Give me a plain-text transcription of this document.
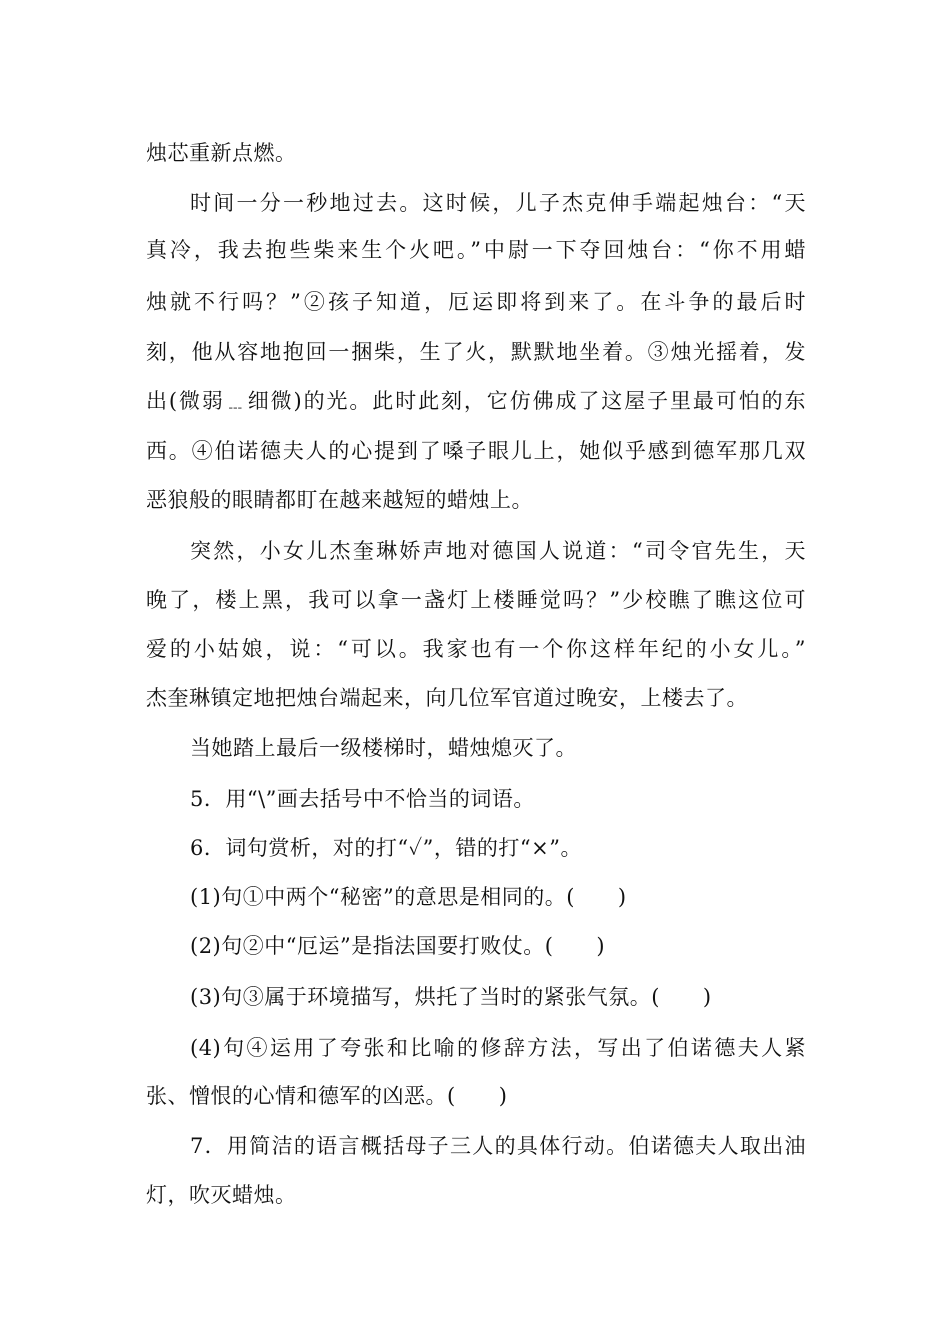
烛芯重新点燃。
时间一分一秒地过去。这时候，儿子杰克伸手端起烛台：“天
真冷，我去抱些柴来生个火吧。”中尉一下夺回烛台：“你不用蜡
烛就不行吗？”②孩子知道，厄运即将到来了。在斗争的最后时
刻，他从容地抱回一捆柴，生了火，默默地坐着。③烛光摇着，发
出(微弱﹍细微)的光。此时此刻，它仿佛成了这屋子里最可怕的东
西。④伯诺德夫人的心提到了嗓子眼儿上，她似乎感到德军那几双
恶狼般的眼睛都盯在越来越短的蜡烛上。
突然，小女儿杰奎琳娇声地对德国人说道：“司令官先生，天
晚了，楼上黑，我可以拿一盏灯上楼睡觉吗？”少校瞧了瞧这位可
爱的小姑娘，说：“可以。我家也有一个你这样年纪的小女儿。”
杰奎琳镇定地把烛台端起来，向几位军官道过晚安，上楼去了。
当她踏上最后一级楼梯时，蜡烛熄灭了。
5．用“\”画去括号中不恰当的词语。
6．词句赏析，对的打“✓”，错的打“×”。
(1)句①中两个“秘密”的意思是相同的。(　　)
(2)句②中“厄运”是指法国要打败仗。(　　)
(3)句③属于环境描写，烘托了当时的紧张气氛。(　　)
(4)句④运用了夸张和比喻的修辞方法，写出了伯诺德夫人紧
张、憎恨的心情和德军的凶恶。(　　)
7．用简洁的语言概括母子三人的具体行动。伯诺德夫人取出油
灯，吹灭蜡烛。
